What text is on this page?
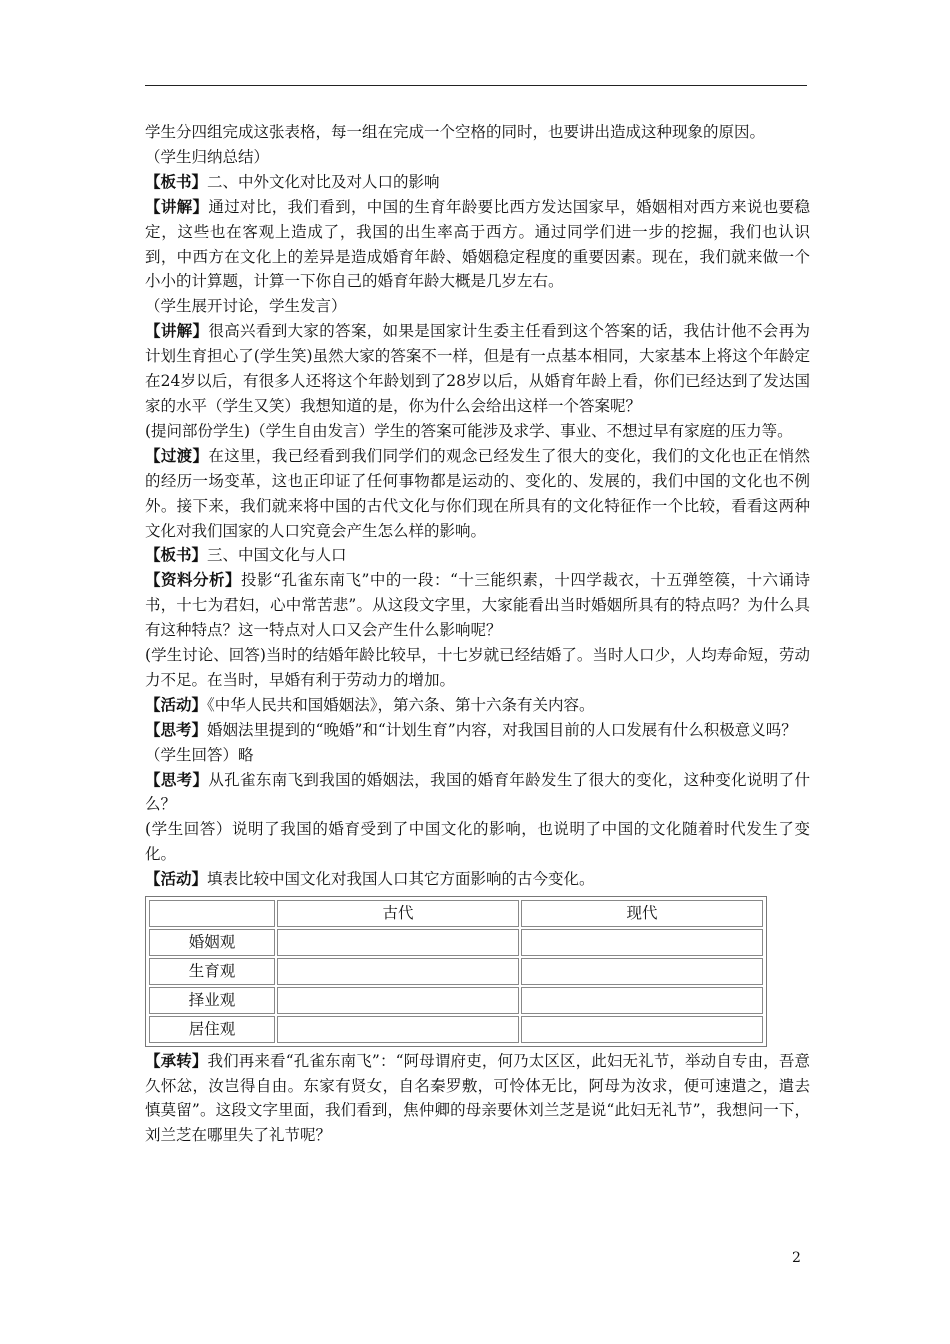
学生分四组完成这张表格，每一组在完成一个空格的同时，也要讲出造成这种现象的原因。
（学生归纳总结）
【板书】二、中外文化对比及对人口的影响
【讲解】通过对比，我们看到，中国的生育年龄要比西方发达国家早，婚姻相对西方来说也要稳定，这些也在客观上造成了，我国的出生率高于西方。通过同学们进一步的挖掘，我们也认识到，中西方在文化上的差异是造成婚育年龄、婚姻稳定程度的重要因素。现在，我们就来做一个小小的计算题，计算一下你自己的婚育年龄大概是几岁左右。
（学生展开讨论，学生发言）
【讲解】很高兴看到大家的答案，如果是国家计生委主任看到这个答案的话，我估计他不会再为计划生育担心了(学生笑)虽然大家的答案不一样，但是有一点基本相同，大家基本上将这个年龄定在24岁以后，有很多人还将这个年龄划到了28岁以后，从婚育年龄上看，你们已经达到了发达国家的水平（学生又笑）我想知道的是，你为什么会给出这样一个答案呢？
(提问部份学生)（学生自由发言）学生的答案可能涉及求学、事业、不想过早有家庭的压力等。
【过渡】在这里，我已经看到我们同学们的观念已经发生了很大的变化，我们的文化也正在悄然的经历一场变革，这也正印证了任何事物都是运动的、变化的、发展的，我们中国的文化也不例外。接下来，我们就来将中国的古代文化与你们现在所具有的文化特征作一个比较，看看这两种文化对我们国家的人口究竟会产生怎么样的影响。
【板书】三、中国文化与人口
【资料分析】投影“孔雀东南飞”中的一段：“十三能织素，十四学裁衣，十五弹箜篌，十六诵诗书，十七为君妇，心中常苦悲”。从这段文字里，大家能看出当时婚姻所具有的特点吗？为什么具有这种特点？这一特点对人口又会产生什么影响呢？
(学生讨论、回答)当时的结婚年龄比较早，十七岁就已经结婚了。当时人口少，人均寿命短，劳动力不足。在当时，早婚有利于劳动力的增加。
【活动】《中华人民共和国婚姻法》，第六条、第十六条有关内容。
【思考】婚姻法里提到的“晚婚”和“计划生育”内容，对我国目前的人口发展有什么积极意义吗？
（学生回答）略
【思考】从孔雀东南飞到我国的婚姻法，我国的婚育年龄发生了很大的变化，这种变化说明了什么？
(学生回答）说明了我国的婚育受到了中国文化的影响，也说明了中国的文化随着时代发生了变化。
【活动】填表比较中国文化对我国人口其它方面影响的古今变化。
	古代	现代
婚姻观		
生育观		
择业观		
居住观		
【承转】我们再来看“孔雀东南飞”：“阿母谓府吏，何乃太区区，此妇无礼节，举动自专由，吾意久怀忿，汝岂得自由。东家有贤女，自名秦罗敷，可怜体无比，阿母为汝求，便可速遣之，遣去慎莫留”。这段文字里面，我们看到，焦仲卿的母亲要休刘兰芝是说“此妇无礼节”，我想问一下，刘兰芝在哪里失了礼节呢？
2
